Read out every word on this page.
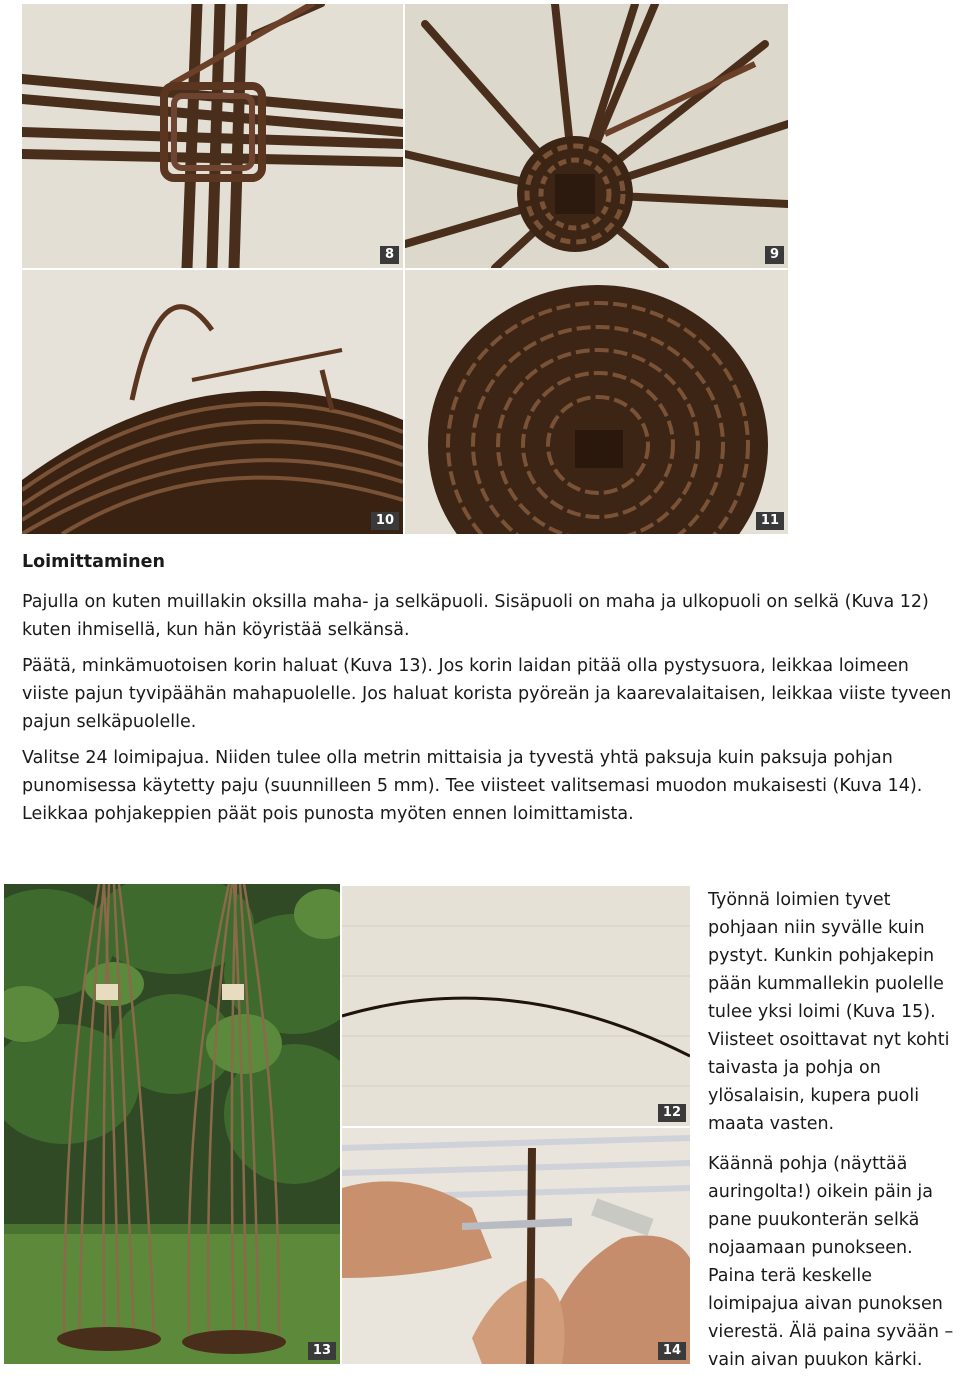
8	9
10	11
Loimittaminen

Pajulla on kuten muillakin oksilla maha- ja selkäpuoli. Sisäpuoli on maha ja ulkopuoli on selkä (Kuva 12) kuten ihmisellä, kun hän köyristää selkänsä.

Päätä, minkämuotoisen korin haluat (Kuva 13). Jos korin laidan pitää olla pystysuora, leikkaa loimeen viiste pajun tyvipäähän mahapuolelle. Jos haluat korista pyöreän ja kaarevalaitaisen, leikkaa viiste tyveen pajun selkäpuolelle.

Valitse 24 loimipajua. Niiden tulee olla metrin mittaisia ja tyvestä yhtä paksuja kuin paksuja pohjan punomisessa käytetty paju (suunnilleen 5 mm). Tee viisteet valitsemasi muodon mukaisesti (Kuva 14). Leikkaa pohjakeppien päät pois punosta myöten ennen loimittamista.

13
12
14

Työnnä loimien tyvet pohjaan niin syvälle kuin pystyt. Kunkin pohjakepin pään kummallekin puolelle tulee yksi loimi (Kuva 15). Viisteet osoittavat nyt kohti taivasta ja pohja on ylösalaisin, kupera puoli maata vasten.

Käännä pohja (näyttää auringolta!) oikein päin ja pane puukonterän selkä nojaamaan punokseen. Paina terä keskelle loimipajua aivan punoksen vierestä. Älä paina syvään – vain aivan puukon kärki.
